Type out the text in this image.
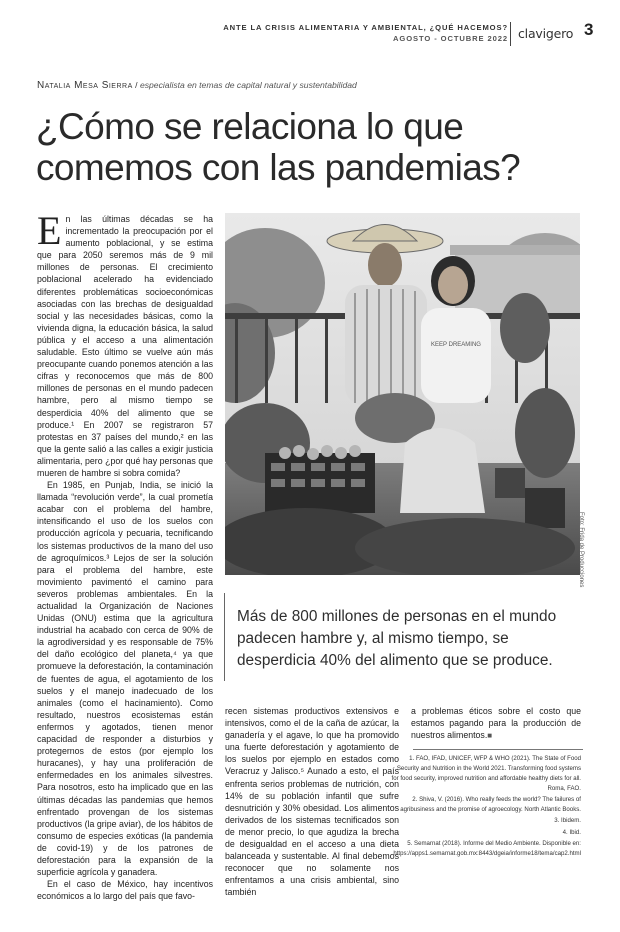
ANTE LA CRISIS ALIMENTARIA Y AMBIENTAL, ¿QUÉ HACEMOS?
AGOSTO - OCTUBRE 2022 clavigero 3
Natalia Mesa Sierra / especialista en temas de capital natural y sustentabilidad
¿Cómo se relaciona lo que comemos con las pandemias?

En las últimas décadas se ha incrementado la preocupación por el aumento poblacional, y se estima que para 2050 seremos más de 9 mil millones de personas. El crecimiento poblacional acelerado ha evidenciado diferentes problemáticas socioeconómicas asociadas con las brechas de desigualdad social y las necesidades básicas, como la vivienda digna, la educación básica, la salud pública y el acceso a una alimentación saludable. Esto último se vuelve aún más preocupante cuando ponemos atención a las cifras y reconocemos que más de 800 millones de personas en el mundo padecen hambre, pero al mismo tiempo se desperdicia 40% del alimento que se produce.¹ En 2007 se registraron 57 protestas en 37 países del mundo,² en las que la gente salió a las calles a exigir justicia alimentaria, pero ¿por qué hay personas que mueren de hambre si sobra comida?

En 1985, en Punjab, India, se inició la llamada “revolución verde”, la cual prometía acabar con el problema del hambre, intensificando el uso de los suelos con producción agrícola y pecuaria, tecnificando los sistemas productivos de la mano del uso de agroquímicos.³ Lejos de ser la solución para el problema del hambre, este movimiento pavimentó el camino para severos problemas ambientales. En la actualidad la Organización de Naciones Unidas (ONU) estima que la agricultura industrial ha acabado con cerca de 90% de la agrodiversidad y es responsable de 75% del daño ecológico del planeta,⁴ ya que promueve la deforestación, la contaminación de fuentes de agua, el agotamiento de los suelos y el manejo inadecuado de los animales (como el hacinamiento). Como resultado, nuestros ecosistemas están enfermos y agotados, tienen menor capacidad de responder a disturbios y protegernos de estos (por ejemplo los huracanes), y hay una proliferación de enfermedades en los animales silvestres. Para nosotros, esto ha implicado que en las últimas décadas las pandemias que hemos enfrentado provengan de los sistemas productivos (la gripe aviar), de los hábitos de consumo de especies exóticas (la pandemia de covid-19) y de los patrones de deforestación para la expansión de la superficie agrícola y ganadera.

En el caso de México, hay incentivos económicos a lo largo del país que favo-

KEEP DREAMING
Foto: Frida de Producciones
Más de 800 millones de personas en el mundo padecen hambre y, al mismo tiempo, se desperdicia 40% del alimento que se produce.

recen sistemas productivos extensivos e intensivos, como el de la caña de azúcar, la ganadería y el agave, lo que ha promovido una fuerte deforestación y agotamiento de los suelos por ejemplo en estados como Veracruz y Jalisco.⁵ Aunado a esto, el país enfrenta serios problemas de nutrición, con 14% de su población infantil que sufre desnutrición y 30% obesidad. Los alimentos derivados de los sistemas tecnificados son de menor precio, lo que agudiza la brecha de desigualdad en el acceso a una dieta balanceada y sustentable. Al final debemos reconocer que no solamente nos enfrentamos a una crisis ambiental, sino también

a problemas éticos sobre el costo que estamos pagando para la producción de nuestros alimentos.■

1. FAO, IFAD, UNICEF, WFP & WHO (2021). The State of Food Security and Nutrition in the World 2021. Transforming food systems for food security, improved nutrition and affordable healthy diets for all. Roma, FAO.
2. Shiva, V. (2016). Who really feeds the world? The failures of agribusiness and the promise of agroecology. North Atlantic Books.
3. Ibidem.
4. Ibid.
5. Semarnat (2018). Informe del Medio Ambiente. Disponible en: https://apps1.semarnat.gob.mx:8443/dgeia/informe18/tema/cap2.html
